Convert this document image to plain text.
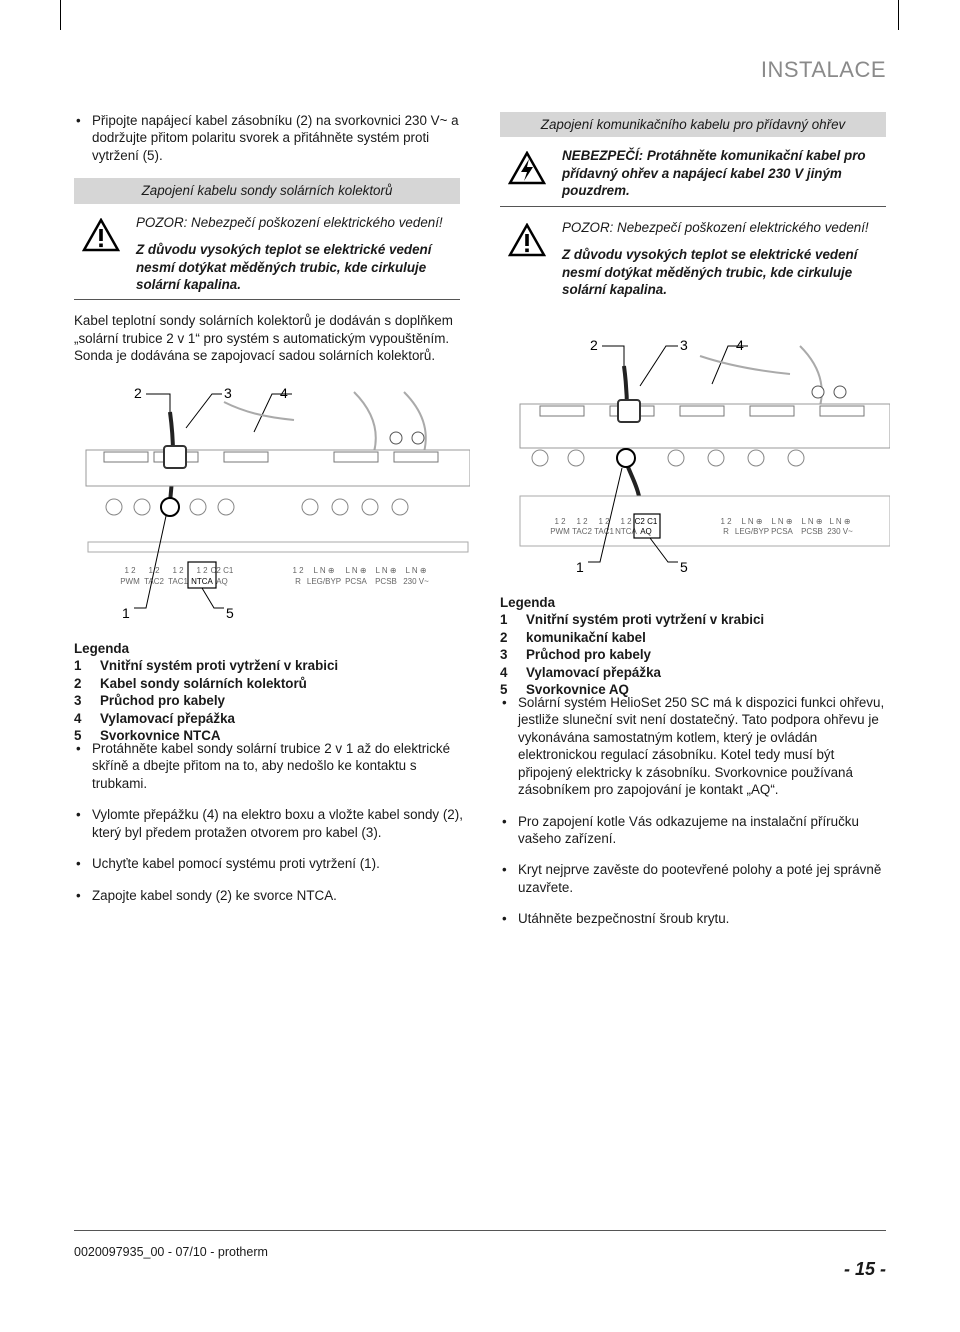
INSTALACE
• Připojte napájecí kabel zásobníku (2) na svorkovnici 230 V~ a dodržujte přitom polaritu svorek a přitáhněte systém proti vytržení (5).
Zapojení kabelu sondy solárních kolektorů

POZOR: Nebezpečí poškození elektrického vedení!

Z důvodu vysokých teplot se elektrické vedení nesmí dotýkat měděných trubic, kde cirkuluje solární kapalina.

Kabel teplotní sondy solárních kolektorů je dodáván s doplňkem „solární trubice 2 v 1“ pro systém s automatickým vypouštěním. Sonda je dodávána se zapojovací sadou solárních kolektorů.

2	3	4
1 2 1 2 1 2 1 2 C2 C1	1 2 L N ⊕ L N ⊕ L N ⊕ L N ⊕
PWM TAC2 TAC1 NTCA AQ	R LEG/BYP PCSA PCSB 230 V~
1	5
Legenda
1	Vnitřní systém proti vytržení v krabici
2	Kabel sondy solárních kolektorů
3	Průchod pro kabely
4	Vylamovací přepážka
5	Svorkovnice NTCA
• Protáhněte kabel sondy solární trubice 2 v 1 až do elektrické skříně a dbejte přitom na to, aby nedošlo ke kontaktu s trubkami.
• Vylomte přepážku (4) na elektro boxu a vložte kabel sondy (2), který byl předem protažen otvorem pro kabel (3).
• Uchyťte kabel pomocí systému proti vytržení (1).
• Zapojte kabel sondy (2) ke svorce NTCA.
Zapojení komunikačního kabelu pro přídavný ohřev

NEBEZPEČÍ: Protáhněte komunikační kabel pro přídavný ohřev a napájecí kabel 230 V jiným pouzdrem.

POZOR: Nebezpečí poškození elektrického vedení!

Z důvodu vysokých teplot se elektrické vedení nesmí dotýkat měděných trubic, kde cirkuluje solární kapalina.

2	3	4
1 2 1 2 1 2 1 2 C2 C1	1 2 L N ⊕ L N ⊕ L N ⊕ L N ⊕
PWM TAC2 TAC1 NTCA AQ	R LEG/BYP PCSA PCSB 230 V~
1	5
Legenda
1	Vnitřní systém proti vytržení v krabici
2	komunikační kabel
3	Průchod pro kabely
4	Vylamovací přepážka
5	Svorkovnice AQ
• Solární systém HelioSet 250 SC má k dispozici funkci ohřevu, jestliže sluneční svit není dostatečný. Tato podpora ohřevu je vykonávána samostatným kotlem, který je ovládán elektronickou regulací zásobníku. Kotel tedy musí být připojený elektricky k zásobníku. Svorkovnice používaná zásobníkem pro zapojování je kontakt „AQ“.
• Pro zapojení kotle Vás odkazujeme na instalační příručku vašeho zařízení.
• Kryt nejprve zavěste do pootevřené polohy a poté jej správně uzavřete.
• Utáhněte bezpečnostní šroub krytu.
0020097935_00 - 07/10 - protherm
- 15 -
